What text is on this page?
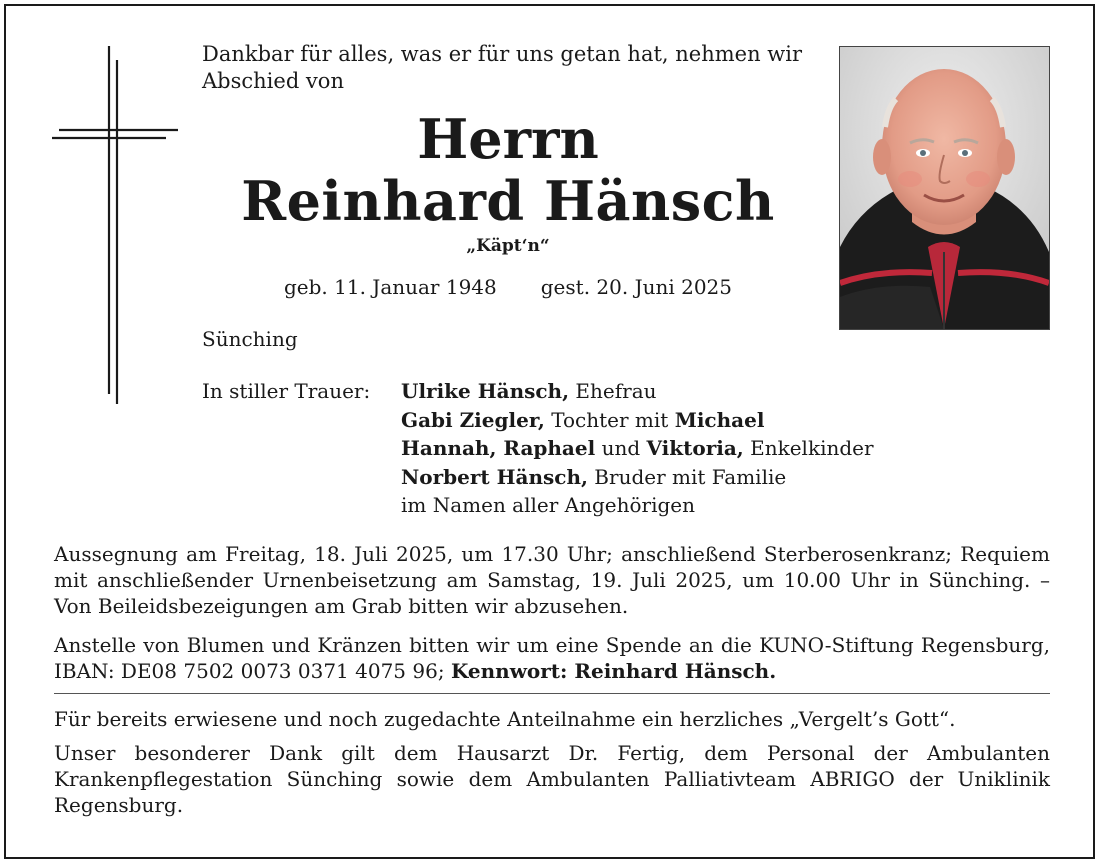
Dankbar für alles, was er für uns getan hat, nehmen wir Abschied von
Herrn
Reinhard Hänsch
„Käpt‘n“
geb. 11. Januar 1948 gest. 20. Juni 2025
Sünching
In stiller Trauer: Ulrike Hänsch, Ehefrau
Gabi Ziegler, Tochter mit Michael
Hannah, Raphael und Viktoria, Enkelkinder
Norbert Hänsch, Bruder mit Familie
im Namen aller Angehörigen
Aussegnung am Freitag, 18. Juli 2025, um 17.30 Uhr; anschließend Sterberosenkranz; Requiem mit anschließender Urnenbeisetzung am Samstag, 19. Juli 2025, um 10.00 Uhr in Sünching. – Von Beileidsbezeigungen am Grab bitten wir abzusehen.
Anstelle von Blumen und Kränzen bitten wir um eine Spende an die KUNO-Stiftung Regensburg, IBAN: DE08 7502 0073 0371 4075 96; Kennwort: Reinhard Hänsch.
Für bereits erwiesene und noch zugedachte Anteilnahme ein herzliches „Vergelt’s Gott“.
Unser besonderer Dank gilt dem Hausarzt Dr. Fertig, dem Personal der Ambulanten Krankenpflegestation Sünching sowie dem Ambulanten Palliativteam ABRIGO der Uniklinik Regensburg.
